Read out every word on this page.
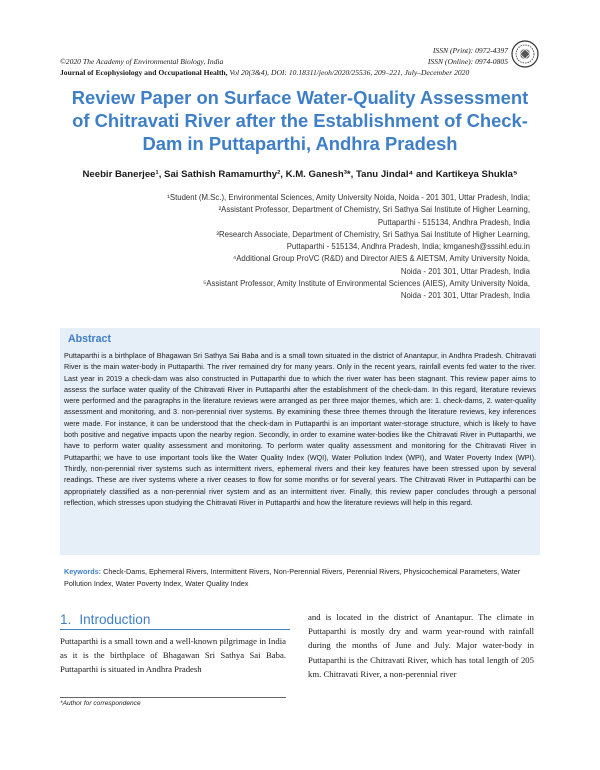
©2020 The Academy of Environmental Biology, India
Journal of Ecophysiology and Occupational Health, Vol 20(3&4), DOI: 10.18311/jeoh/2020/25536, 209–221, July–December 2020
ISSN (Print): 0972-4397
ISSN (Online): 0974-0805
Review Paper on Surface Water-Quality Assessment
of Chitravati River after the Establishment of Check-
Dam in Puttaparthi, Andhra Pradesh
Neebir Banerjee¹, Sai Sathish Ramamurthy², K.M. Ganesh³*, Tanu Jindal⁴ and Kartikeya Shukla⁵
¹Student (M.Sc.), Environmental Sciences, Amity University Noida, Noida - 201 301, Uttar Pradesh, India;
²Assistant Professor, Department of Chemistry, Sri Sathya Sai Institute of Higher Learning,
Puttaparthi - 515134, Andhra Pradesh, India
³Research Associate, Department of Chemistry, Sri Sathya Sai Institute of Higher Learning,
Puttaparthi - 515134, Andhra Pradesh, India; kmganesh@sssihl.edu.in
⁴Additional Group ProVC (R&D) and Director AIES & AIETSM, Amity University Noida,
Noida - 201 301, Uttar Pradesh, India
⁵Assistant Professor, Amity Institute of Environmental Sciences (AIES), Amity University Noida,
Noida - 201 301, Uttar Pradesh, India
Abstract
Puttaparthi is a birthplace of Bhagawan Sri Sathya Sai Baba and is a small town situated in the district of Anantapur, in Andhra Pradesh. Chitravati River is the main water-body in Puttaparthi. The river remained dry for many years. Only in the recent years, rainfall events fed water to the river. Last year in 2019 a check-dam was also constructed in Puttaparthi due to which the river water has been stagnant. This review paper aims to assess the surface water quality of the Chitravati River in Puttaparthi after the establishment of the check-dam. In this regard, literature reviews were performed and the paragraphs in the literature reviews were arranged as per three major themes, which are: 1. check-dams, 2. water-quality assessment and monitoring, and 3. non-perennial river systems. By examining these three themes through the literature reviews, key inferences were made. For instance, it can be understood that the check-dam in Puttaparthi is an important water-storage structure, which is likely to have both positive and negative impacts upon the nearby region. Secondly, in order to examine water-bodies like the Chitravati River in Puttaparthi, we have to perform water quality assessment and monitoring. To perform water quality assessment and monitoring for the Chitravati River in Puttaparthi; we have to use important tools like the Water Quality Index (WQI), Water Pollution Index (WPI), and Water Poverty Index (WPI). Thirdly, non-perennial river systems such as intermittent rivers, ephemeral rivers and their key features have been stressed upon by several readings. These are river systems where a river ceases to flow for some months or for several years. The Chitravati River in Puttaparthi can be appropriately classified as a non-perennial river system and as an intermittent river. Finally, this review paper concludes through a personal reflection, which stresses upon studying the Chitravati River in Puttaparthi and how the literature reviews will help in this regard.
Keywords: Check-Dams, Ephemeral Rivers, Intermittent Rivers, Non-Perennial Rivers, Perennial Rivers, Physicochemical Parameters, Water Pollution Index, Water Poverty Index, Water Quality Index
1. Introduction
Puttaparthi is a small town and a well-known pilgrimage in India as it is the birthplace of Bhagawan Sri Sathya Sai Baba. Puttaparthi is situated in Andhra Pradesh
and is located in the district of Anantapur. The climate in Puttaparthi is mostly dry and warm year-round with rainfall during the months of June and July. Major water-body in Puttaparthi is the Chitravati River, which has total length of 205 km. Chitravati River, a non-perennial river
*Author for correspondence
